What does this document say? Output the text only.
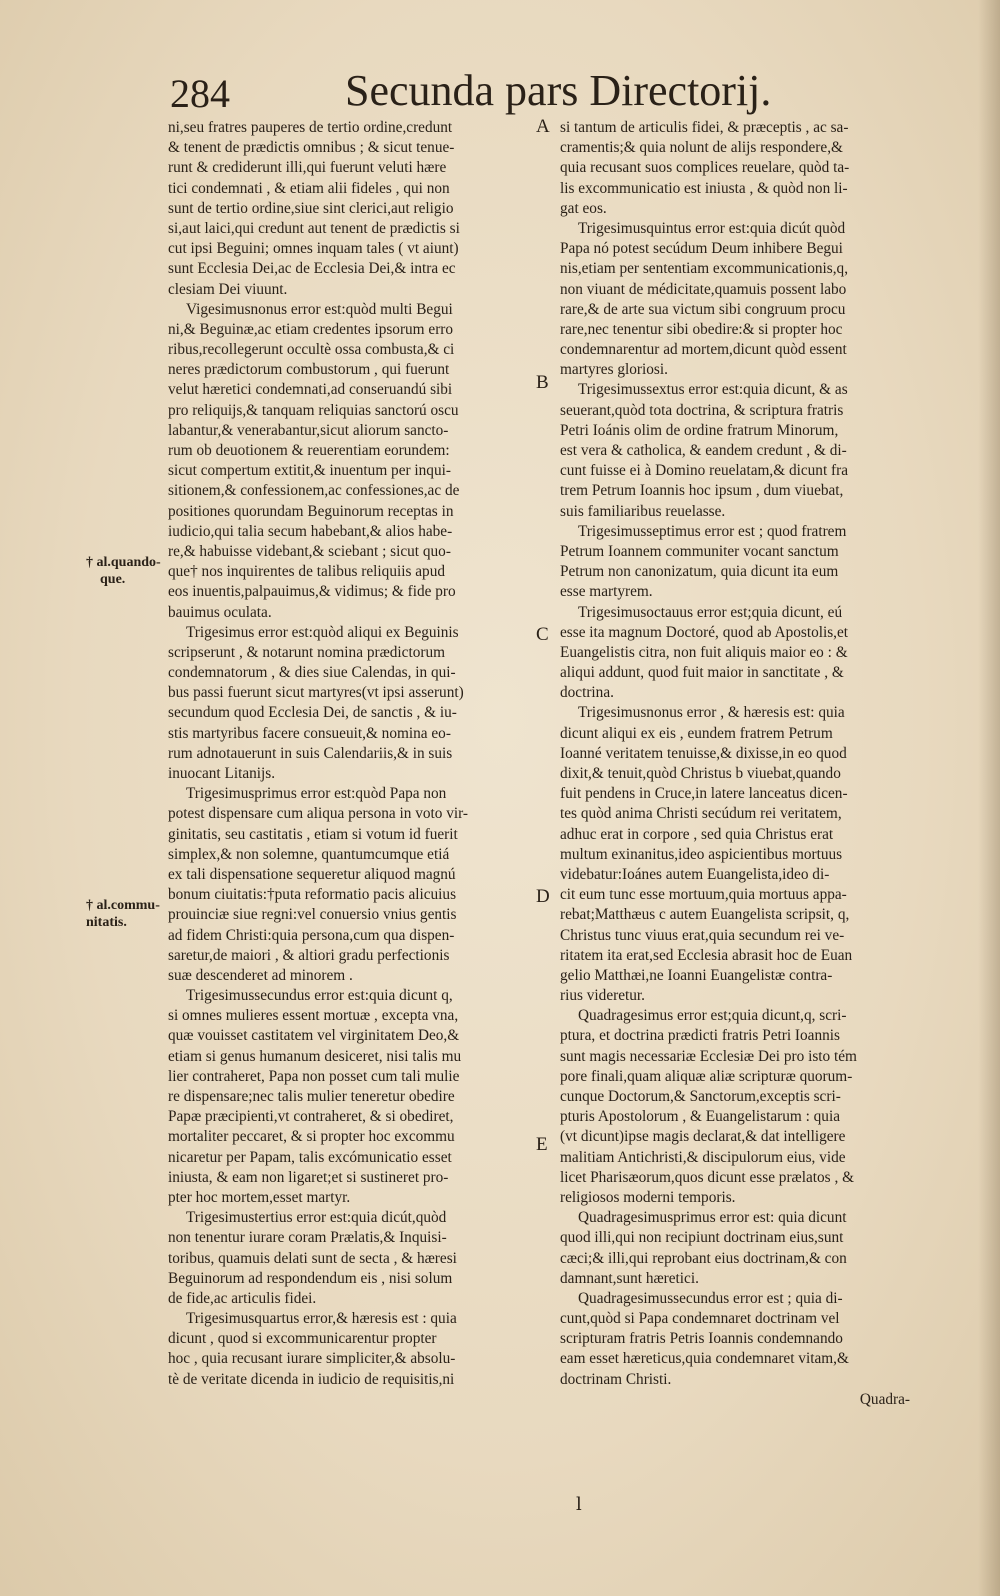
284	Secunda pars Directorij.
A
B
C
D
E
† al.quando-
que.
† al.commu-
nitatis.
ni,seu fratres pauperes de tertio ordine,credunt
& tenent de prædictis omnibus ; & sicut tenue-
runt & crediderunt illi,qui fuerunt veluti hære
tici condemnati , & etiam alii fideles , qui non
sunt de tertio ordine,siue sint clerici,aut religio
si,aut laici,qui credunt aut tenent de prædictis si
cut ipsi Beguini; omnes inquam tales ( vt aiunt)
sunt Ecclesia Dei,ac de Ecclesia Dei,& intra ec
clesiam Dei viuunt.
Vigesimusnonus error est:quòd multi Begui
ni,& Beguinæ,ac etiam credentes ipsorum erro
ribus,recollegerunt occultè ossa combusta,& ci
neres prædictorum combustorum , qui fuerunt
velut hæretici condemnati,ad conseruandú sibi
pro reliquijs,& tanquam reliquias sanctorú oscu
labantur,& venerabantur,sicut aliorum sancto-
rum ob deuotionem & reuerentiam eorundem:
sicut compertum extitit,& inuentum per inqui-
sitionem,& confessionem,ac confessiones,ac de
positiones quorundam Beguinorum receptas in
iudicio,qui talia secum habebant,& alios habe-
re,& habuisse videbant,& sciebant ; sicut quo-
que† nos inquirentes de talibus reliquiis apud
eos inuentis,palpauimus,& vidimus; & fide pro
bauimus oculata.
Trigesimus error est:quòd aliqui ex Beguinis
scripserunt , & notarunt nomina prædictorum
condemnatorum , & dies siue Calendas, in qui-
bus passi fuerunt sicut martyres(vt ipsi asserunt)
secundum quod Ecclesia Dei, de sanctis , & iu-
stis martyribus facere consueuit,& nomina eo-
rum adnotauerunt in suis Calendariis,& in suis
inuocant Litanijs.
Trigesimusprimus error est:quòd Papa non
potest dispensare cum aliqua persona in voto vir-
ginitatis, seu castitatis , etiam si votum id fuerit
simplex,& non solemne, quantumcumque etiá
ex tali dispensatione sequeretur aliquod magnú
bonum ciuitatis:†puta reformatio pacis alicuius
prouinciæ siue regni:vel conuersio vnius gentis
ad fidem Christi:quia persona,cum qua dispen-
saretur,de maiori , & altiori gradu perfectionis
suæ descenderet ad minorem .
Trigesimussecundus error est:quia dicunt q,
si omnes mulieres essent mortuæ , excepta vna,
quæ vouisset castitatem vel virginitatem Deo,&
etiam si genus humanum desiceret, nisi talis mu
lier contraheret, Papa non posset cum tali mulie
re dispensare;nec talis mulier teneretur obedire
Papæ præcipienti,vt contraheret, & si obediret,
mortaliter peccaret, & si propter hoc excommu
nicaretur per Papam, talis excómunicatio esset
iniusta, & eam non ligaret;et si sustineret pro-
pter hoc mortem,esset martyr.
Trigesimustertius error est:quia dicút,quòd
non tenentur iurare coram Prælatis,& Inquisi-
toribus, quamuis delati sunt de secta , & hæresi
Beguinorum ad respondendum eis , nisi solum
de fide,ac articulis fidei.
Trigesimusquartus error,& hæresis est : quia
dicunt , quod si excommunicarentur propter
hoc , quia recusant iurare simpliciter,& absolu-
tè de veritate dicenda in iudicio de requisitis,ni
si tantum de articulis fidei, & præceptis , ac sa-
cramentis;& quia nolunt de alijs respondere,&
quia recusant suos complices reuelare, quòd ta-
lis excommunicatio est iniusta , & quòd non li-
gat eos.
Trigesimusquintus error est:quia dicút quòd
Papa nó potest secúdum Deum inhibere Begui
nis,etiam per sententiam excommunicationis,q,
non viuant de médicitate,quamuis possent labo
rare,& de arte sua victum sibi congruum procu
rare,nec tenentur sibi obedire:& si propter hoc
condemnarentur ad mortem,dicunt quòd essent
martyres gloriosi.
Trigesimussextus error est:quia dicunt, & as
seuerant,quòd tota doctrina, & scriptura fratris
Petri Ioánis olim de ordine fratrum Minorum,
est vera & catholica, & eandem credunt , & di-
cunt fuisse ei à Domino reuelatam,& dicunt fra
trem Petrum Ioannis hoc ipsum , dum viuebat,
suis familiaribus reuelasse.
Trigesimusseptimus error est ; quod fratrem
Petrum Ioannem communiter vocant sanctum
Petrum non canonizatum, quia dicunt ita eum
esse martyrem.
Trigesimusoctauus error est;quia dicunt, eú
esse ita magnum Doctoré, quod ab Apostolis,et
Euangelistis citra, non fuit aliquis maior eo : &
aliqui addunt, quod fuit maior in sanctitate , &
doctrina.
Trigesimusnonus error , & hæresis est: quia
dicunt aliqui ex eis , eundem fratrem Petrum
Ioanné veritatem tenuisse,& dixisse,in eo quod
dixit,& tenuit,quòd Christus b viuebat,quando
fuit pendens in Cruce,in latere lanceatus dicen-
tes quòd anima Christi secúdum rei veritatem,
adhuc erat in corpore , sed quia Christus erat
multum exinanitus,ideo aspicientibus mortuus
videbatur:Ioánes autem Euangelista,ideo di-
cit eum tunc esse mortuum,quia mortuus appa-
rebat;Matthæus c autem Euangelista scripsit, q,
Christus tunc viuus erat,quia secundum rei ve-
ritatem ita erat,sed Ecclesia abrasit hoc de Euan
gelio Matthæi,ne Ioanni Euangelistæ contra-
rius videretur.
Quadragesimus error est;quia dicunt,q, scri-
ptura, et doctrina prædicti fratris Petri Ioannis
sunt magis necessariæ Ecclesiæ Dei pro isto tém
pore finali,quam aliquæ aliæ scripturæ quorum-
cunque Doctorum,& Sanctorum,exceptis scri-
pturis Apostolorum , & Euangelistarum : quia
(vt dicunt)ipse magis declarat,& dat intelligere
malitiam Antichristi,& discipulorum eius, vide
licet Pharisæorum,quos dicunt esse prælatos , &
religiosos moderni temporis.
Quadragesimusprimus error est: quia dicunt
quod illi,qui non recipiunt doctrinam eius,sunt
cæci;& illi,qui reprobant eius doctrinam,& con
damnant,sunt hæretici.
Quadragesimussecundus error est ; quia di-
cunt,quòd si Papa condemnaret doctrinam vel
scripturam fratris Petris Ioannis condemnando
eam esset hæreticus,quia condemnaret vitam,&
doctrinam Christi.
Quadra-
l
